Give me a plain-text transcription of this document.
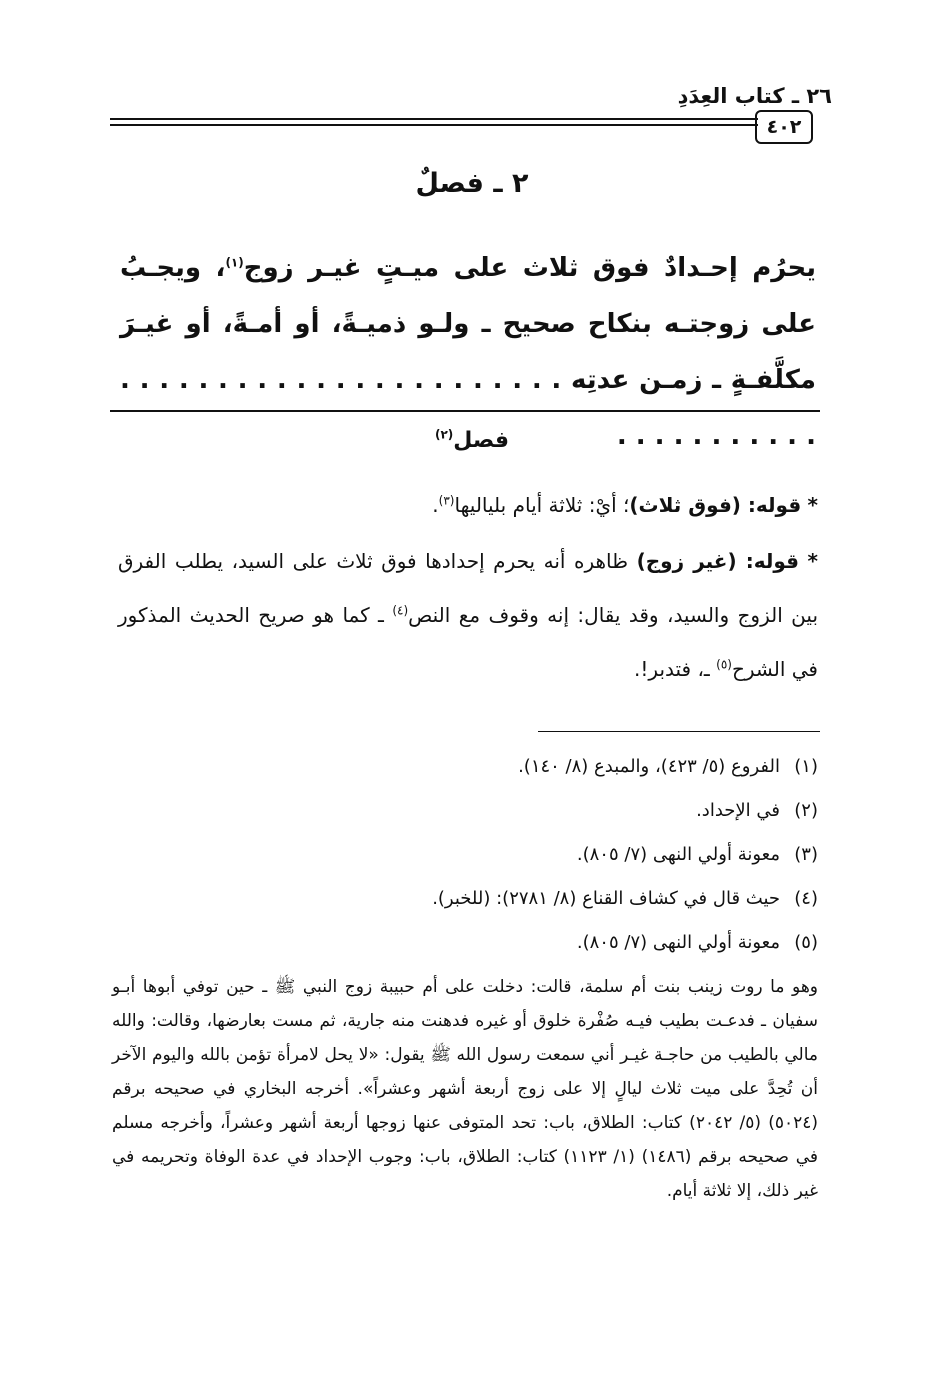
٢٦ ـ كتاب العِدَدِ
٤٠٢
٢ ـ فصلٌ
يحرُم إحـدادٌ فوق ثلاث على ميـتٍ غيـر زوج$^{(١)}$، ويجـبُ على زوجتـه بنكاح صحيح ـ ولـو ذميـةً، أو أمـةً، أو غيـرَ مكلَّفـةٍ ـ زمـن عدتِه . . . . . . . . . . . . . . . . . . . . . . . . . . . . . . . . . .
فصل$^{(٢)}$

* قوله: (فوق ثلاث)؛ أيْ: ثلاثة أيام بلياليها$^{(٣)}$.

* قوله: (غير زوج) ظاهره أنه يحرم إحدادها فوق ثلاث على السيد، يطلب الفرق بين الزوج والسيد، وقد يقال: إنه وقوف مع النص$^{(٤)}$ ـ كما هو صريح الحديث المذكور في الشرح$^{(٥)}$ ـ، فتدبر!.

(١)الفروع (٥/ ٤٢٣)، والمبدع (٨/ ١٤٠).
(٢)في الإحداد.
(٣)معونة أولي النهى (٧/ ٨٠٥).
(٤)حيث قال في كشاف القناع (٨/ ٢٧٨١): (للخبر).
(٥)معونة أولي النهى (٧/ ٨٠٥).
وهو ما روت زينب بنت أم سلمة، قالت: دخلت على أم حبيبة زوج النبي ﷺ ـ حين توفي أبوها أبـو سفيان ـ فدعـت بطيب فيـه صُفْرة خلوق أو غيره فدهنت منه جارية، ثم مست بعارضها، وقالت: والله مالي بالطيب من حاجـة غيـر أني سمعت رسول الله ﷺ يقول: «لا يحل لامرأة تؤمن بالله واليوم الآخر أن تُحِدَّ على ميت ثلاث ليالٍ إلا على زوج أربعة أشهر وعشراً». أخرجه البخاري في صحيحه برقم (٥٠٢٤) (٥/ ٢٠٤٢) كتاب: الطلاق، باب: تحد المتوفى عنها زوجها أربعة أشهر وعشراً، وأخرجه مسلم في صحيحه برقم (١٤٨٦) (١/ ١١٢٣) كتاب: الطلاق، باب: وجوب الإحداد في عدة الوفاة وتحريمه في غير ذلك، إلا ثلاثة أيام.
